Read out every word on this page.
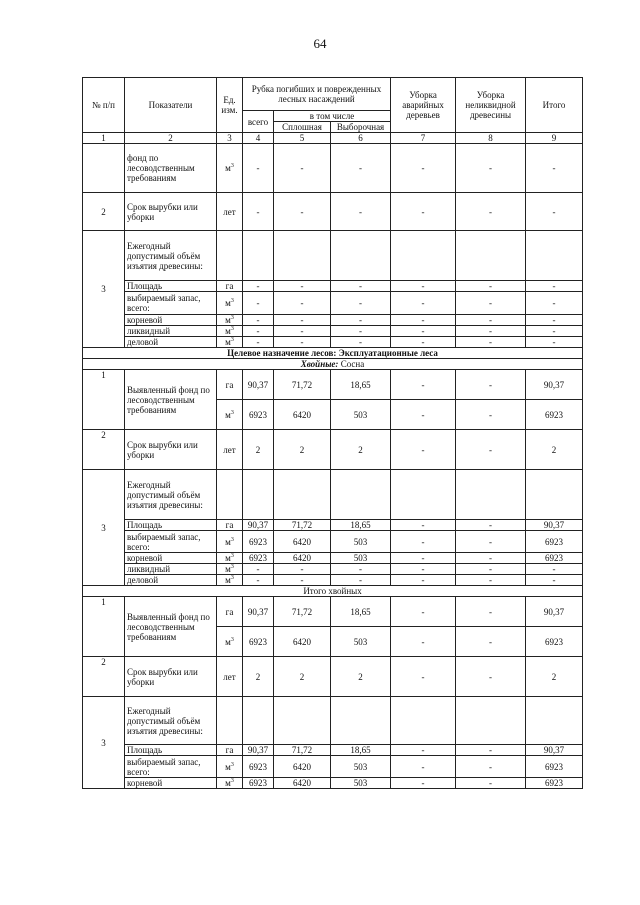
64
№ п/п	Показатели	Ед. изм.	Рубка погибших и поврежденных лесных насаждений			Уборка аварийных деревьев	Уборка неликвидной древесины	Итого
			всего	в том числе				
				Сплошная	Выборочная			
1	2	3	4	5	6	7	8	9
	фонд по лесоводственным требованиям	$м^3$	-	-	-	-	-	-
2	Срок вырубки или уборки	лет	-	-	-	-	-	-
3	Ежегодный допустимый объём изъятия древесины:							
	Площадь	га	-	-	-	-	-	-
	выбираемый запас, всего:	$м^3$	-	-	-	-	-	-
	корневой	$м^3$	-	-	-	-	-	-
	ликвидный	$м^3$	-	-	-	-	-	-
	деловой	$м^3$	-	-	-	-	-	-
Целевое назначение лесов: Эксплуатационные леса								
Хвойные: Сосна								
1	Выявленный фонд по лесоводственным требованиям	га	90,37	71,72	18,65	-	-	90,37
		$м^3$	6923	6420	503	-	-	6923
2	Срок вырубки или уборки	лет	2	2	2	-	-	2
3	Ежегодный допустимый объём изъятия древесины:							
	Площадь	га	90,37	71,72	18,65	-	-	90,37
	выбираемый запас, всего:	$м^3$	6923	6420	503	-	-	6923
	корневой	$м^3$	6923	6420	503	-	-	6923
	ликвидный	$м^3$	-	-	-	-	-	-
	деловой	$м^3$	-	-	-	-	-	-
Итого хвойных								
1	Выявленный фонд по лесоводственным требованиям	га	90,37	71,72	18,65	-	-	90,37
		$м^3$	6923	6420	503	-	-	6923
2	Срок вырубки или уборки	лет	2	2	2	-	-	2
3	Ежегодный допустимый объём изъятия древесины:							
	Площадь	га	90,37	71,72	18,65	-	-	90,37
	выбираемый запас, всего:	$м^3$	6923	6420	503	-	-	6923
	корневой	$м^3$	6923	6420	503	-	-	6923
